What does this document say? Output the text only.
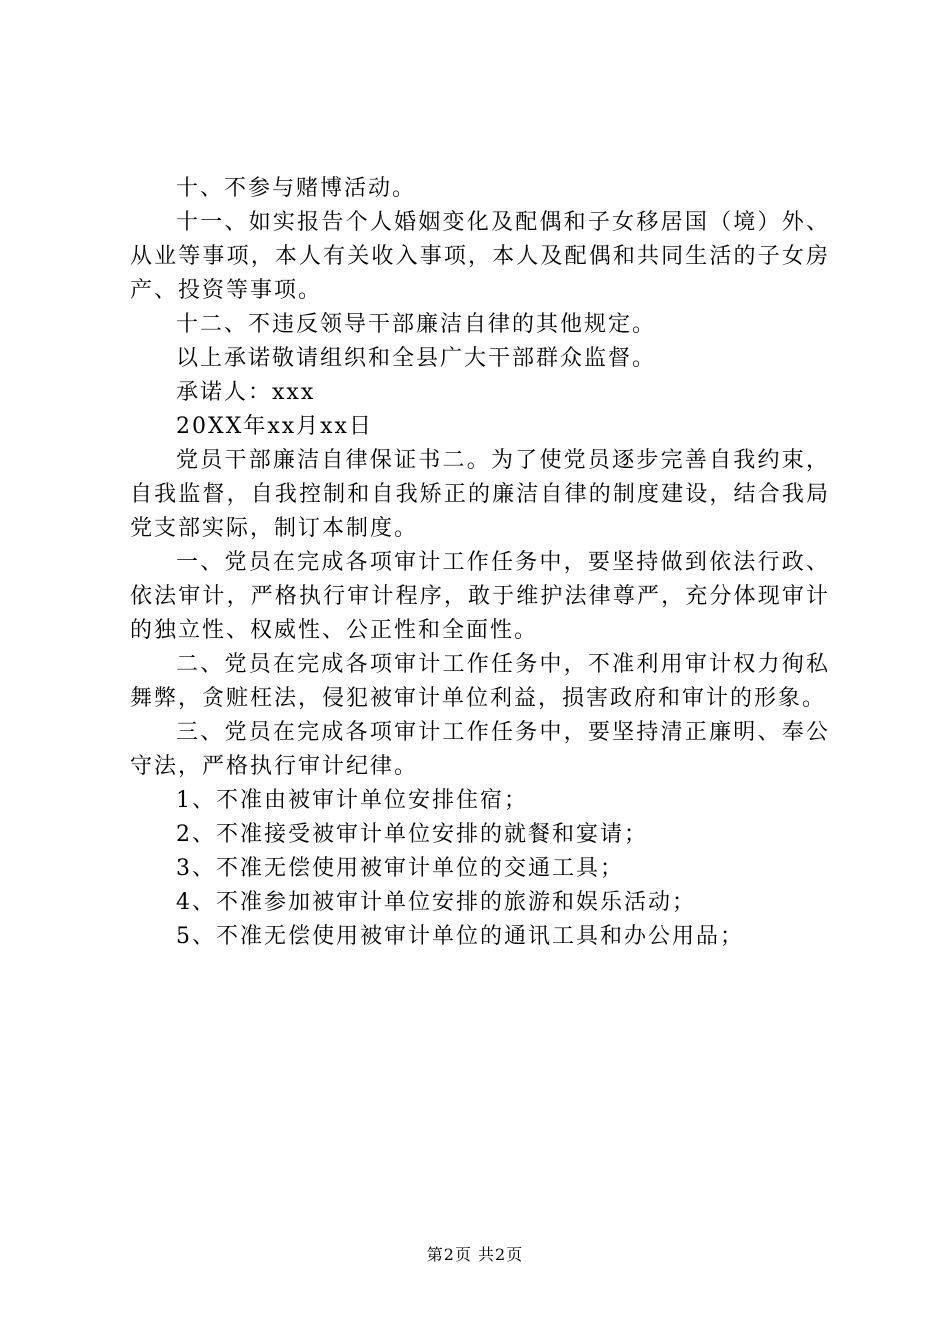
十、不参与赌博活动。

十一、如实报告个人婚姻变化及配偶和子女移居国（境）外、从业等事项，本人有关收入事项，本人及配偶和共同生活的子女房产、投资等事项。

十二、不违反领导干部廉洁自律的其他规定。

以上承诺敬请组织和全县广大干部群众监督。

承诺人：xxx

20XX年xx月xx日

党员干部廉洁自律保证书二。为了使党员逐步完善自我约束，自我监督，自我控制和自我矫正的廉洁自律的制度建设，结合我局党支部实际，制订本制度。

一、党员在完成各项审计工作任务中，要坚持做到依法行政、依法审计，严格执行审计程序，敢于维护法律尊严，充分体现审计的独立性、权威性、公正性和全面性。

二、党员在完成各项审计工作任务中，不准利用审计权力徇私舞弊，贪赃枉法，侵犯被审计单位利益，损害政府和审计的形象。

三、党员在完成各项审计工作任务中，要坚持清正廉明、奉公守法，严格执行审计纪律。

1、不准由被审计单位安排住宿；

2、不准接受被审计单位安排的就餐和宴请；

3、不准无偿使用被审计单位的交通工具；

4、不准参加被审计单位安排的旅游和娱乐活动；

5、不准无偿使用被审计单位的通讯工具和办公用品；

第2页 共2页
